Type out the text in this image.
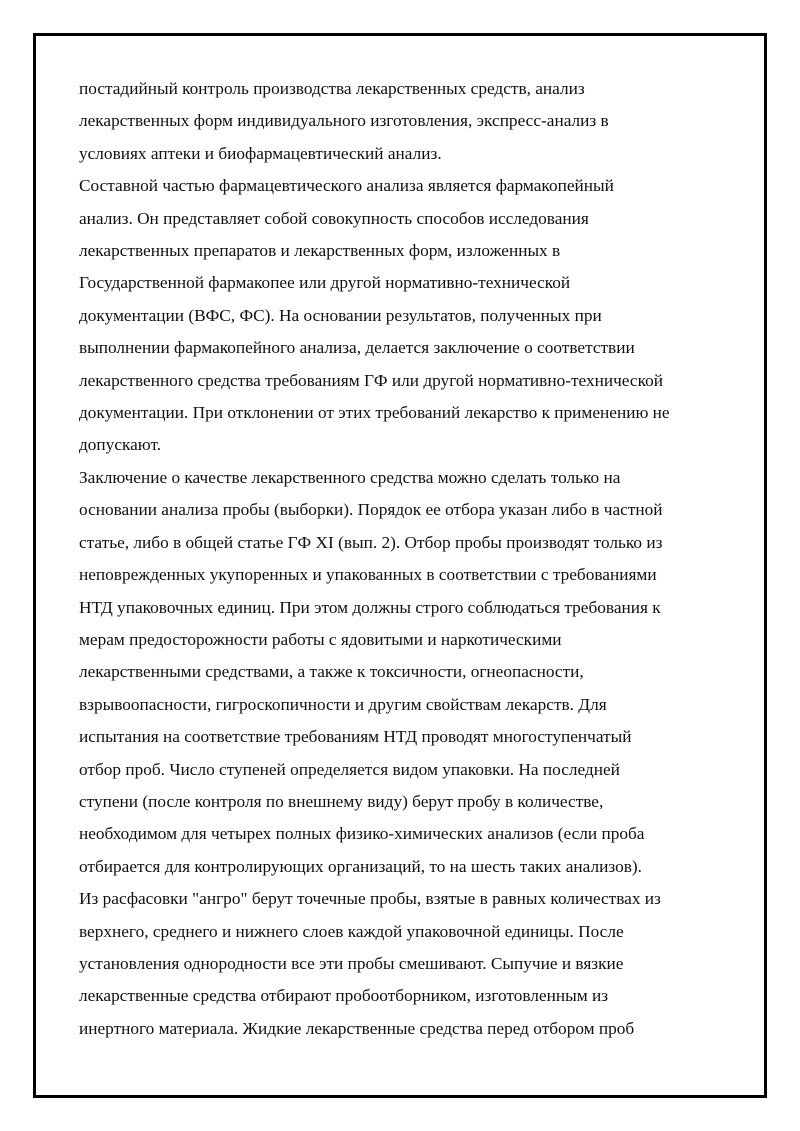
постадийный контроль производства лекарственных средств, анализ
лекарственных форм индивидуального изготовления, экспресс-анализ в
условиях аптеки и биофармацевтический анализ.
Составной частью фармацевтического анализа является фармакопейный
анализ. Он представляет собой совокупность способов исследования
лекарственных препаратов и лекарственных форм, изложенных в
Государственной фармакопее или другой нормативно-технической
документации (ВФС, ФС). На основании результатов, полученных при
выполнении фармакопейного анализа, делается заключение о соответствии
лекарственного средства требованиям ГФ или другой нормативно-технической
документации. При отклонении от этих требований лекарство к применению не
допускают.
Заключение о качестве лекарственного средства можно сделать только на
основании анализа пробы (выборки). Порядок ее отбора указан либо в частной
статье, либо в общей статье ГФ XI (вып. 2). Отбор пробы производят только из
неповрежденных укупоренных и упакованных в соответствии с требованиями
НТД упаковочных единиц. При этом должны строго соблюдаться требования к
мерам предосторожности работы с ядовитыми и наркотическими
лекарственными средствами, а также к токсичности, огнеопасности,
взрывоопасности, гигроскопичности и другим свойствам лекарств. Для
испытания на соответствие требованиям НТД проводят многоступенчатый
отбор проб. Число ступеней определяется видом упаковки. На последней
ступени (после контроля по внешнему виду) берут пробу в количестве,
необходимом для четырех полных физико-химических анализов (если проба
отбирается для контролирующих организаций, то на шесть таких анализов).
Из расфасовки "ангро" берут точечные пробы, взятые в равных количествах из
верхнего, среднего и нижнего слоев каждой упаковочной единицы. После
установления однородности все эти пробы смешивают. Сыпучие и вязкие
лекарственные средства отбирают пробоотборником, изготовленным из
инертного материала. Жидкие лекарственные средства перед отбором проб
